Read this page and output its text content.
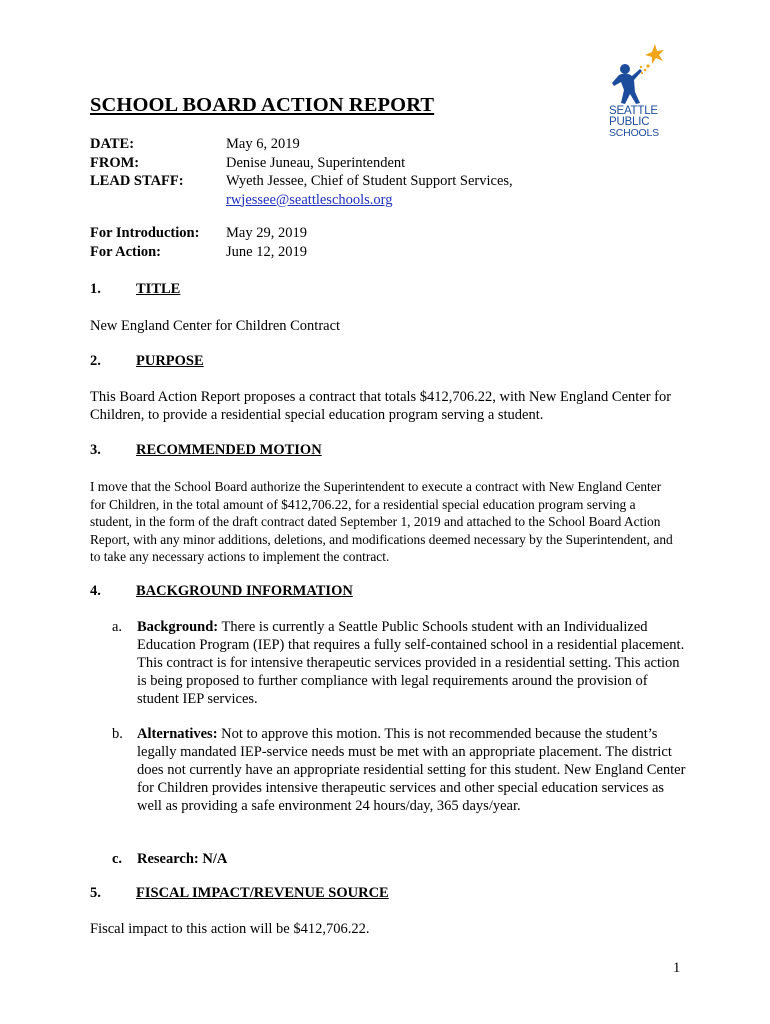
SEATTLE
PUBLIC
SCHOOLS
SCHOOL BOARD ACTION REPORT
DATE:	May 6, 2019
FROM:	Denise Juneau, Superintendent
LEAD STAFF:	Wyeth Jessee, Chief of Student Support Services,
rwjessee@seattleschools.org
For Introduction: May 29, 2019
For Action:	June 12, 2019
1. TITLE

New England Center for Children Contract

2. PURPOSE

This Board Action Report proposes a contract that totals $412,706.22, with New England Center for Children, to provide a residential special education program serving a student.

3. RECOMMENDED MOTION

I move that the School Board authorize the Superintendent to execute a contract with New England Center for Children, in the total amount of $412,706.22, for a residential special education program serving a student, in the form of the draft contract dated September 1, 2019 and attached to the School Board Action Report, with any minor additions, deletions, and modifications deemed necessary by the Superintendent, and to take any necessary actions to implement the contract.

4. BACKGROUND INFORMATION
a. Background: There is currently a Seattle Public Schools student with an Individualized Education Program (IEP) that requires a fully self-contained school in a residential placement. This contract is for intensive therapeutic services provided in a residential setting. This action is being proposed to further compliance with legal requirements around the provision of student IEP services.
b. Alternatives: Not to approve this motion. This is not recommended because the student’s legally mandated IEP-service needs must be met with an appropriate placement. The district does not currently have an appropriate residential setting for this student. New England Center for Children provides intensive therapeutic services and other special education services as well as providing a safe environment 24 hours/day, 365 days/year.
c. Research: N/A
5. FISCAL IMPACT/REVENUE SOURCE

Fiscal impact to this action will be $412,706.22.

1
